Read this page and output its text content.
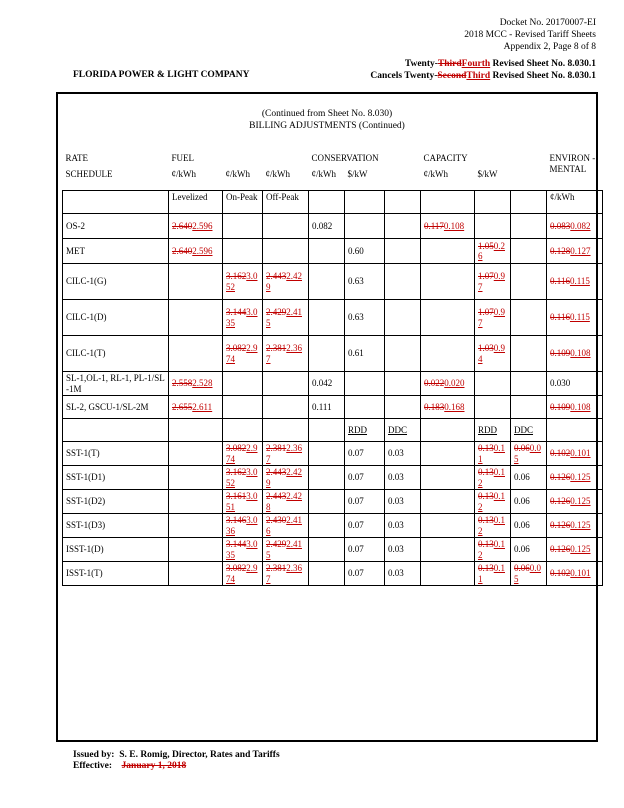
Docket No. 20170007-EI
2018 MCC - Revised Tariff Sheets
Appendix 2, Page 8 of 8
Twenty-ThirdFourth Revised Sheet No. 8.030.1
Cancels Twenty-SecondThird Revised Sheet No. 8.030.1
FLORIDA POWER & LIGHT COMPANY
(Continued from Sheet No. 8.030)
BILLING ADJUSTMENTS (Continued)
RATE	FUEL			CONSERVATION			CAPACITY			ENVIRON -MENTAL
SCHEDULE	¢/kWh	¢/kWh	¢/kWh	¢/kWh	$/kW		¢/kWh	$/kW		
	Levelized	On-Peak	Off-Peak							¢/kWh
OS-2	2.6402.596			0.082			0.1170.108			0.0830.082
MET	2.6402.596				0.60			1.050.26		0.1280.127
CILC-1(G)		3.1623.052	2.4432.429		0.63			1.070.97		0.1160.115
CILC-1(D)		3.1443.035	2.4292.415		0.63			1.070.97		0.1160.115
CILC-1(T)		3.0822.974	2.3812.367		0.61			1.030.94		0.1090.108
SL-1,OL-1, RL-1, PL-1/SL-1M	2.5582.528			0.042			0.0220.020			0.030
SL-2, GSCU-1/SL-2M	2.6552.611			0.111			0.1830.168			0.1090.108
					RDD	DDC		RDD	DDC	
SST-1(T)		3.0822.974	2.3812.367		0.07	0.03		0.130.11	0.060.05	0.1020.101
SST-1(D1)		3.1623.052	2.4432.429		0.07	0.03		0.130.12	0.06	0.1260.125
SST-1(D2)		3.1613.051	2.4432.428		0.07	0.03		0.130.12	0.06	0.1260.125
SST-1(D3)		3.1463.036	2.4302.416		0.07	0.03		0.130.12	0.06	0.1260.125
ISST-1(D)		3.1443.035	2.4292.415		0.07	0.03		0.130.12	0.06	0.1260.125
ISST-1(T)		3.0822.974	2.3812.367		0.07	0.03		0.130.11	0.060.05	0.1020.101
Issued by: S. E. Romig, Director, Rates and Tariffs
Effective: January 1, 2018
